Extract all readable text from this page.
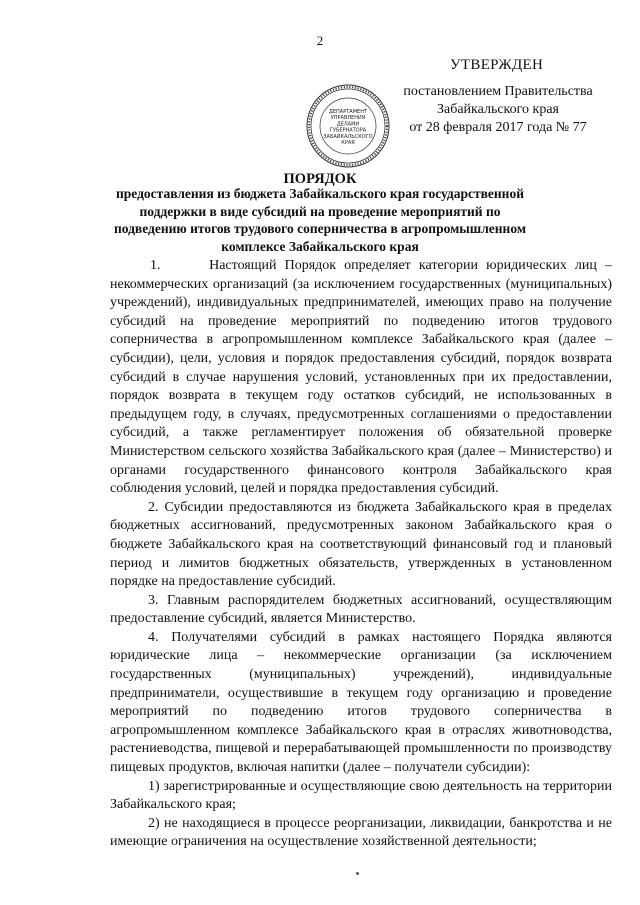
2
УТВЕРЖДЕН
ДЕПАРТАМЕНТ
УПРАВЛЕНИЯ
ДЕЛАМИ
ГУБЕРНАТОРА
ЗАБАЙКАЛЬСКОГО
КРАЯ
постановлением Правительства
Забайкальского края
от 28 февраля 2017 года № 77
ПОРЯДОК
предоставления из бюджета Забайкальского края государственной поддержки в виде субсидий на проведение мероприятий по подведению итогов трудового соперничества в агропромышленном комплексе Забайкальского края

1.      Настоящий Порядок определяет категории юридических лиц – некоммерческих организаций (за исключением государственных (муниципальных) учреждений), индивидуальных предпринимателей, имеющих право на получение субсидий на проведение мероприятий по подведению итогов трудового соперничества в агропромышленном комплексе Забайкальского края (далее – субсидии), цели, условия и порядок предоставления субсидий, порядок возврата субсидий в случае нарушения условий, установленных при их предоставлении, порядок возврата в текущем году остатков субсидий, не использованных в предыдущем году, в случаях, предусмотренных соглашениями о предоставлении субсидий, а также регламентирует положения об обязательной проверке Министерством сельского хозяйства Забайкальского края (далее – Министерство) и органами государственного финансового контроля Забайкальского края соблюдения условий, целей и порядка предоставления субсидий.

2. Субсидии предоставляются из бюджета Забайкальского края в пределах бюджетных ассигнований, предусмотренных законом Забайкальского края о бюджете Забайкальского края на соответствующий финансовый год и плановый период и лимитов бюджетных обязательств, утвержденных в установленном порядке на предоставление субсидий.

3. Главным распорядителем бюджетных ассигнований, осуществляющим предоставление субсидий, является Министерство.

4. Получателями субсидий в рамках настоящего Порядка являются юридические лица – некоммерческие организации (за исключением государственных (муниципальных) учреждений), индивидуальные предприниматели, осуществившие в текущем году организацию и проведение мероприятий по подведению итогов трудового соперничества в агропромышленном комплексе Забайкальского края в отраслях животноводства, растениеводства, пищевой и перерабатывающей промышленности по производству пищевых продуктов, включая напитки (далее – получатели субсидии):

1) зарегистрированные и осуществляющие свою деятельность на территории Забайкальского края;

2) не находящиеся в процессе реорганизации, ликвидации, банкротства и не имеющие ограничения на осуществление хозяйственной деятельности;
